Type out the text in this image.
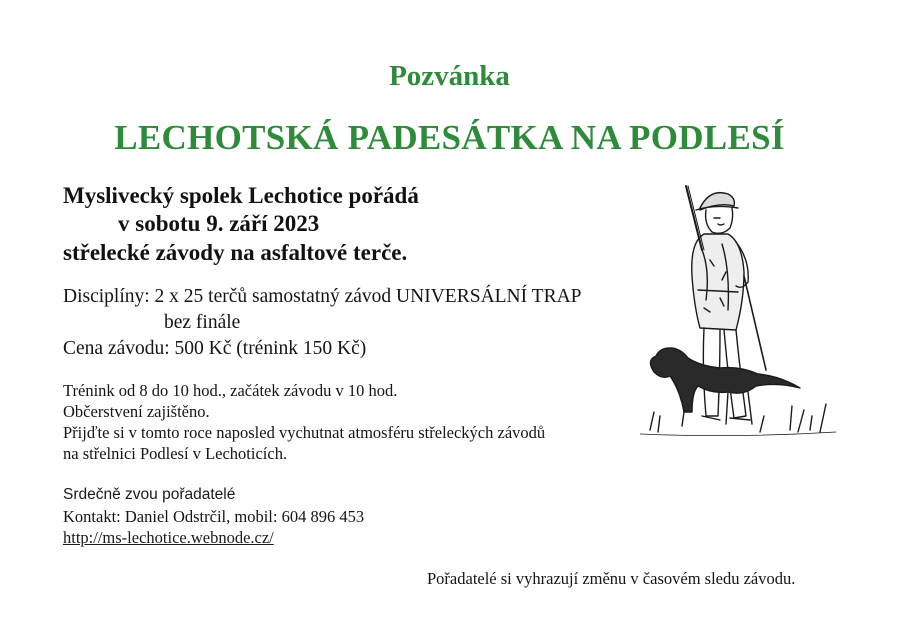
Pozvánka
LECHOTSKÁ PADESÁTKA NA PODLESÍ
Myslivecký spolek Lechotice pořádá
v sobotu 9. září 2023
střelecké závody na asfaltové terče.
Disciplíny: 2 x 25 terčů samostatný závod UNIVERSÁLNÍ TRAP
bez finále
Cena závodu: 500 Kč (trénink 150 Kč)
Trénink od 8 do 10 hod., začátek závodu v 10 hod.
Občerstvení zajištěno.
Přijďte si v tomto roce naposled vychutnat atmosféru střeleckých závodů
na střelnici Podlesí v Lechoticích.
Srdečně zvou pořadatelé
Kontakt: Daniel Odstrčil, mobil: 604 896 453
http://ms-lechotice.webnode.cz/
Pořadatelé si vyhrazují změnu v časovém sledu závodu.
